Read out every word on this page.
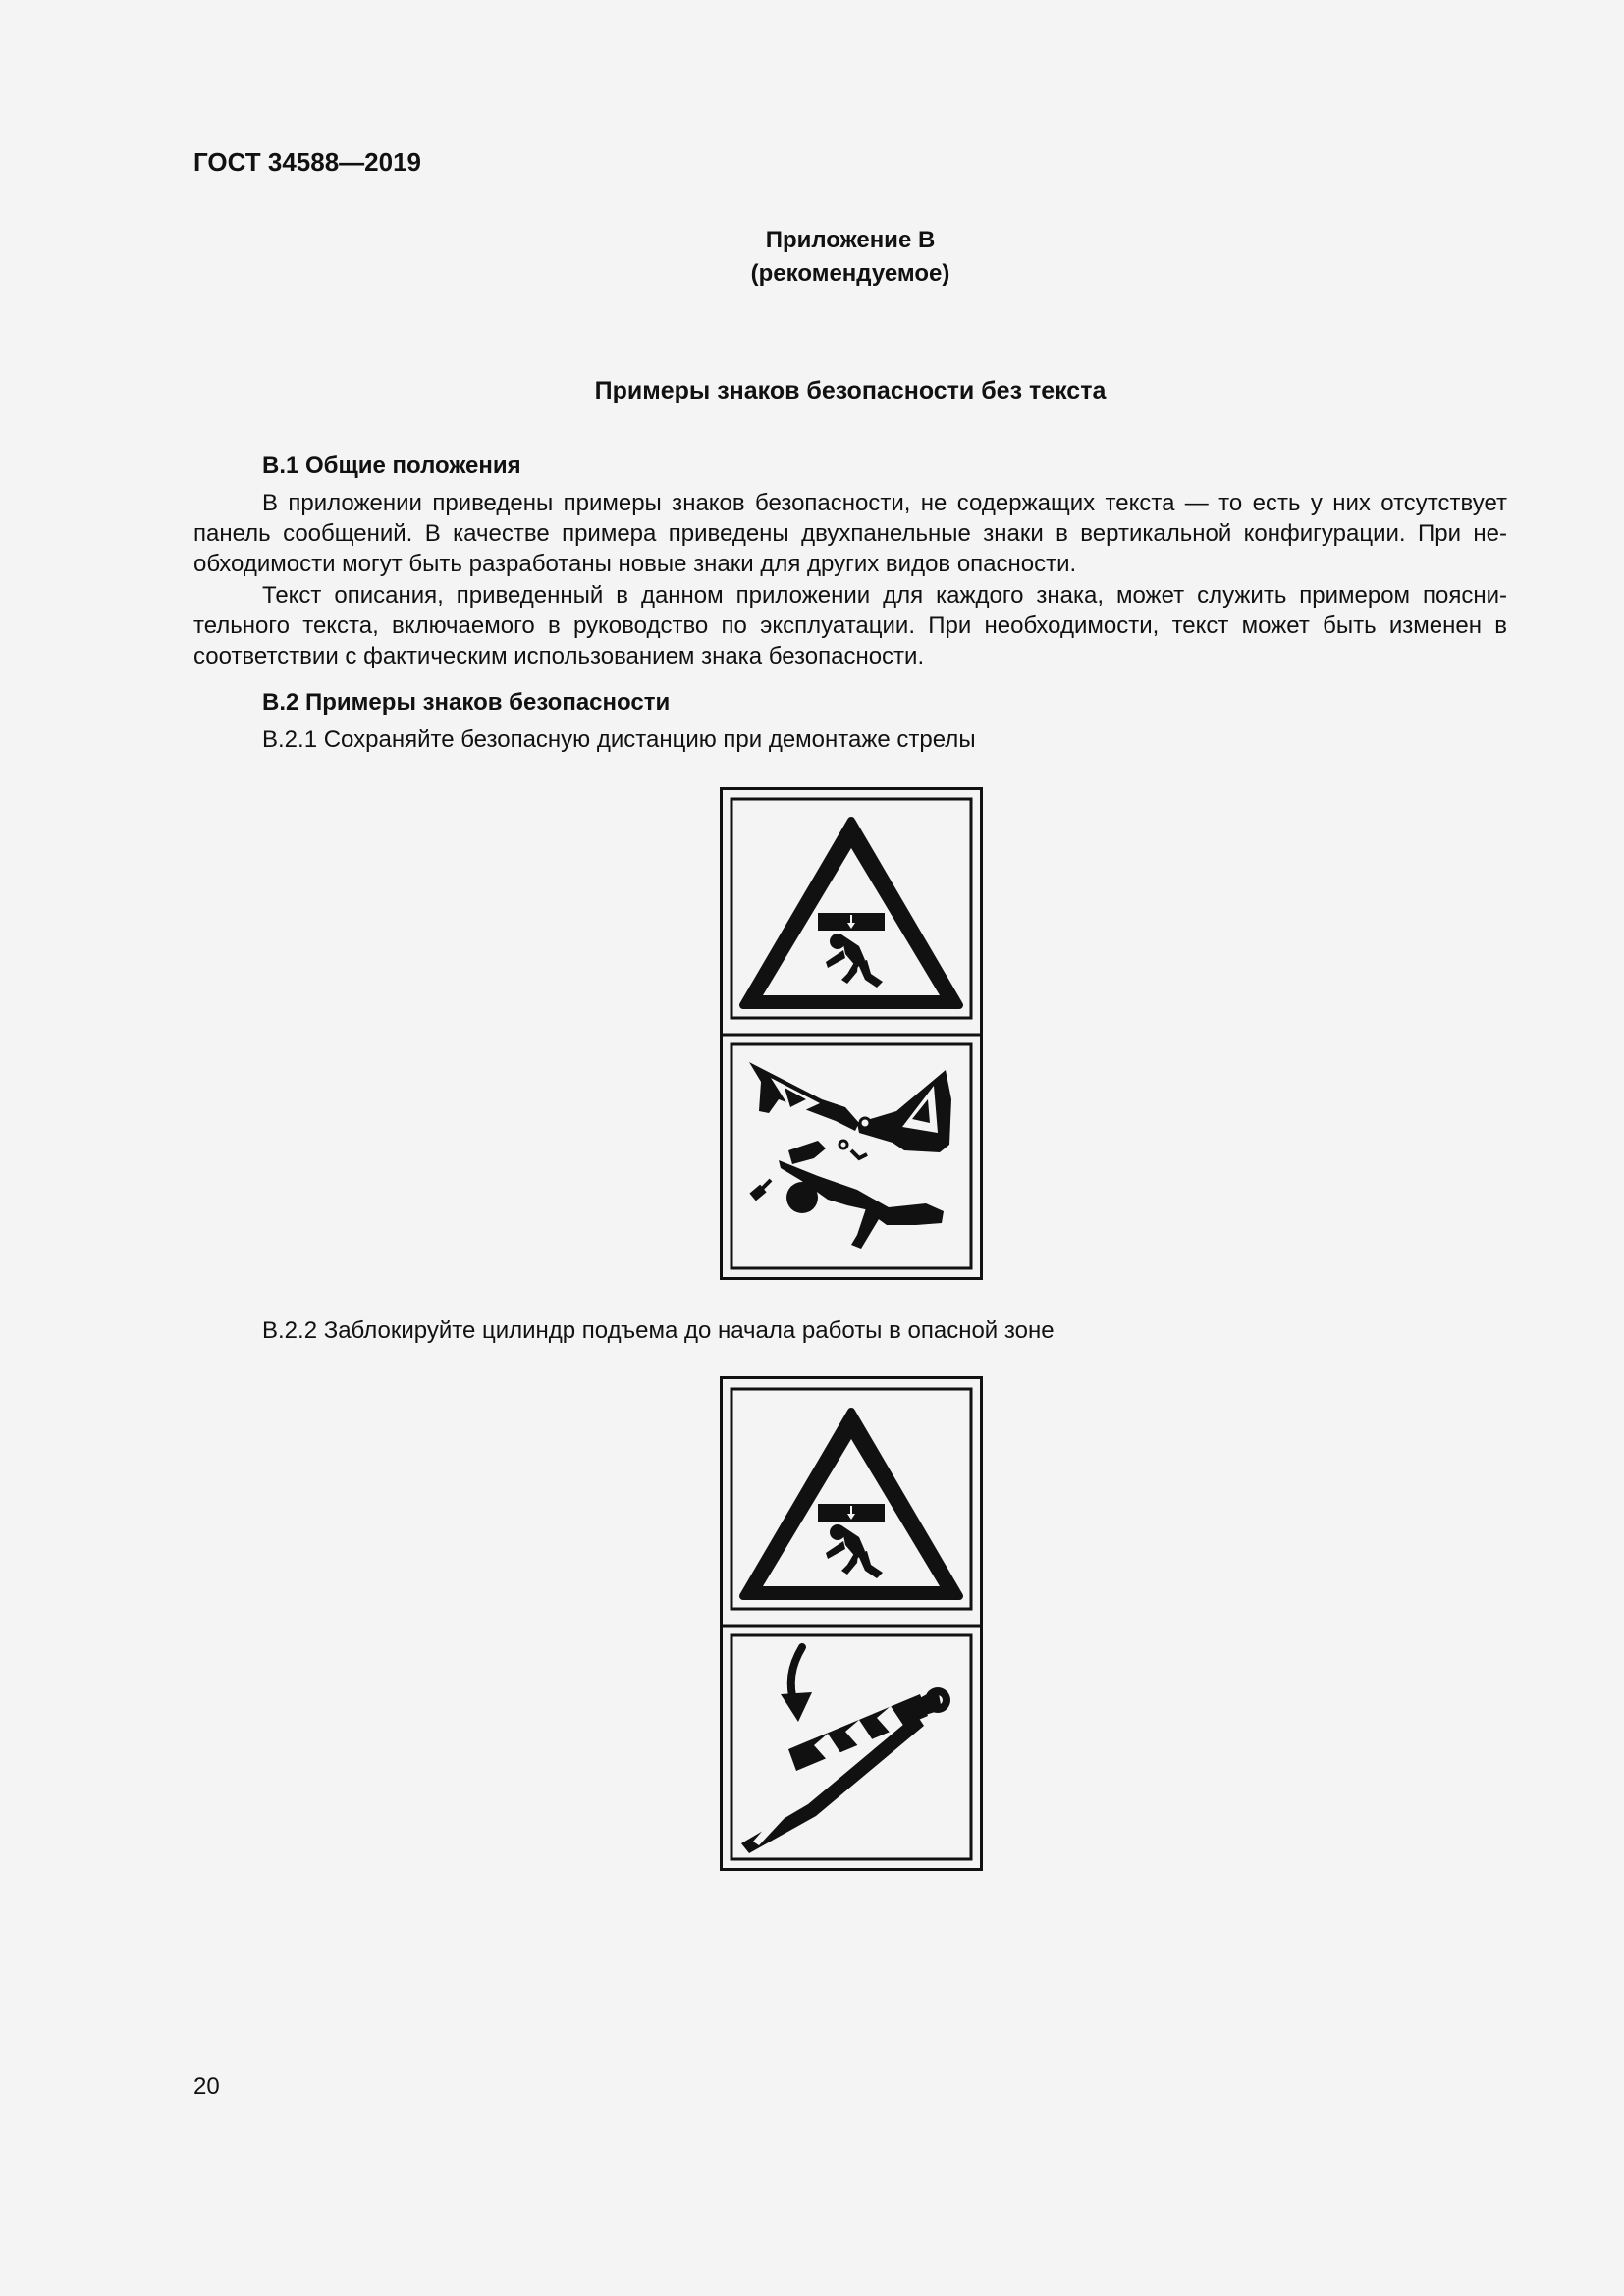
ГОСТ 34588—2019
Приложение В
(рекомендуемое)
Примеры знаков безопасности без текста
В.1 Общие положения
В приложении приведены примеры знаков безопасности, не содержащих текста — то есть у них отсутствует
панель сообщений. В качестве примера приведены двухпанельные знаки в вертикальной конфигурации. При не-
обходимости могут быть разработаны новые знаки для других видов опасности.
Текст описания, приведенный в данном приложении для каждого знака, может служить примером поясни-
тельного текста, включаемого в руководство по эксплуатации. При необходимости, текст может быть изменен в
соответствии с фактическим использованием знака безопасности.
В.2 Примеры знаков безопасности
В.2.1 Сохраняйте безопасную дистанцию при демонтаже стрелы
В.2.2 Заблокируйте цилиндр подъема до начала работы в опасной зоне
20
